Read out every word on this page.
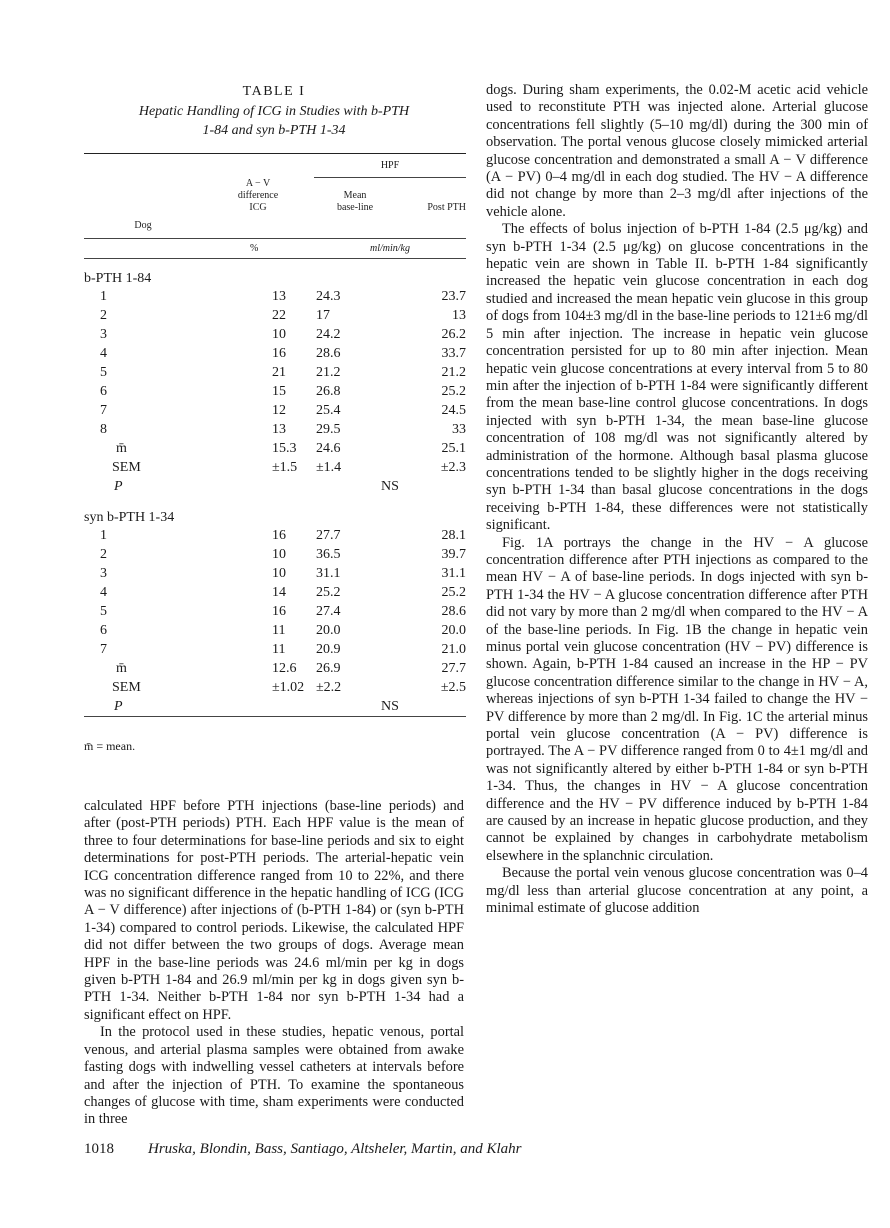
TABLE I
Hepatic Handling of ICG in Studies with b-PTH
1-84 and syn b-PTH 1-34

	A − V
difference
ICG	HPF	

		Mean
base-line	Post PTH
Dog			
	%	ml/min/kg	

b-PTH 1-84			
1	13	24.3	23.7
2	22	17	13
3	10	24.2	26.2
4	16	28.6	33.7
5	21	21.2	21.2
6	15	26.8	25.2
7	12	25.4	24.5
8	13	29.5	33
m̄	15.3	24.6	25.1
SEM	±1.5	±1.4	±2.3
P		NS	
syn b-PTH 1-34			
1	16	27.7	28.1
2	10	36.5	39.7
3	10	31.1	31.1
4	14	25.2	25.2
5	16	27.4	28.6
6	11	20.0	20.0
7	11	20.9	21.0
m̄	12.6	26.9	27.7
SEM	±1.02	±2.2	±2.5
P		NS	

m̄ = mean.

calculated HPF before PTH injections (base-line periods) and after (post-PTH periods) PTH. Each HPF value is the mean of three to four determinations for base-line periods and six to eight determinations for post-PTH periods. The arterial-hepatic vein ICG concentration difference ranged from 10 to 22%, and there was no significant difference in the hepatic handling of ICG (ICG A − V difference) after injections of (b-PTH 1-84) or (syn b-PTH 1-34) compared to control periods. Likewise, the calculated HPF did not differ between the two groups of dogs. Average mean HPF in the base-line periods was 24.6 ml/min per kg in dogs given b-PTH 1-84 and 26.9 ml/min per kg in dogs given syn b-PTH 1-34. Neither b-PTH 1-84 nor syn b-PTH 1-34 had a significant effect on HPF.

In the protocol used in these studies, hepatic venous, portal venous, and arterial plasma samples were obtained from awake fasting dogs with indwelling vessel catheters at intervals before and after the injection of PTH. To examine the spontaneous changes of glucose with time, sham experiments were conducted in three

dogs. During sham experiments, the 0.02-M acetic acid vehicle used to reconstitute PTH was injected alone. Arterial glucose concentrations fell slightly (5–10 mg/dl) during the 300 min of observation. The portal venous glucose closely mimicked arterial glucose concentration and demonstrated a small A − V difference (A − PV) 0–4 mg/dl in each dog studied. The HV − A difference did not change by more than 2–3 mg/dl after injections of the vehicle alone.

The effects of bolus injection of b-PTH 1-84 (2.5 μg/kg) and syn b-PTH 1-34 (2.5 μg/kg) on glucose concentrations in the hepatic vein are shown in Table II. b-PTH 1-84 significantly increased the hepatic vein glucose concentration in each dog studied and increased the mean hepatic vein glucose in this group of dogs from 104±3 mg/dl in the base-line periods to 121±6 mg/dl 5 min after injection. The increase in hepatic vein glucose concentration persisted for up to 80 min after injection. Mean hepatic vein glucose concentrations at every interval from 5 to 80 min after the injection of b-PTH 1-84 were significantly different from the mean base-line control glucose concentrations. In dogs injected with syn b-PTH 1-34, the mean base-line glucose concentration of 108 mg/dl was not significantly altered by administration of the hormone. Although basal plasma glucose concentrations tended to be slightly higher in the dogs receiving syn b-PTH 1-34 than basal glucose concentrations in the dogs receiving b-PTH 1-84, these differences were not statistically significant.

Fig. 1A portrays the change in the HV − A glucose concentration difference after PTH injections as compared to the mean HV − A of base-line periods. In dogs injected with syn b-PTH 1-34 the HV − A glucose concentration difference after PTH did not vary by more than 2 mg/dl when compared to the HV − A of the base-line periods. In Fig. 1B the change in hepatic vein minus portal vein glucose concentration (HV − PV) difference is shown. Again, b-PTH 1-84 caused an increase in the HP − PV glucose concentration difference similar to the change in HV − A, whereas injections of syn b-PTH 1-34 failed to change the HV − PV difference by more than 2 mg/dl. In Fig. 1C the arterial minus portal vein glucose concentration (A − PV) difference is portrayed. The A − PV difference ranged from 0 to 4±1 mg/dl and was not significantly altered by either b-PTH 1-84 or syn b-PTH 1-34. Thus, the changes in HV − A glucose concentration difference and the HV − PV difference induced by b-PTH 1-84 are caused by an increase in hepatic glucose production, and they cannot be explained by changes in carbohydrate metabolism elsewhere in the splanchnic circulation.

Because the portal vein venous glucose concentration was 0–4 mg/dl less than arterial glucose concentration at any point, a minimal estimate of glucose addition

1018 Hruska, Blondin, Bass, Santiago, Altsheler, Martin, and Klahr
